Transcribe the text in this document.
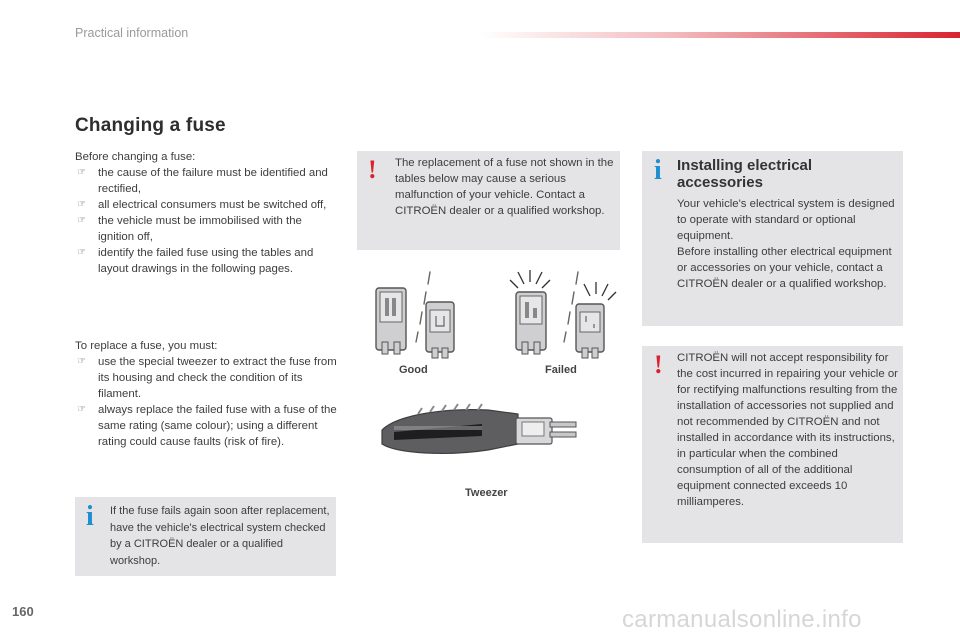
Practical information
Changing a fuse
Before changing a fuse:
☞ the cause of the failure must be identified and rectified,
☞ all electrical consumers must be switched off,
☞ the vehicle must be immobilised with the ignition off,
☞ identify the failed fuse using the tables and layout drawings in the following pages.
To replace a fuse, you must:
☞ use the special tweezer to extract the fuse from its housing and check the condition of its filament.
☞ always replace the failed fuse with a fuse of the same rating (same colour); using a different rating could cause faults (risk of fire).
i If the fuse fails again soon after replacement, have the vehicle's electrical system checked by a CITROËN dealer or a qualified workshop.
! The replacement of a fuse not shown in the tables below may cause a serious malfunction of your vehicle. Contact a CITROËN dealer or a qualified workshop.
Good	Failed
Tweezer
i Installing electrical accessories
Your vehicle's electrical system is designed to operate with standard or optional equipment.
Before installing other electrical equipment or accessories on your vehicle, contact a CITROËN dealer or a qualified workshop.
! CITROËN will not accept responsibility for the cost incurred in repairing your vehicle or for rectifying malfunctions resulting from the installation of accessories not supplied and not recommended by CITROËN and not installed in accordance with its instructions, in particular when the combined consumption of all of the additional equipment connected exceeds 10 milliamperes.
160	carmanualsonline.info
